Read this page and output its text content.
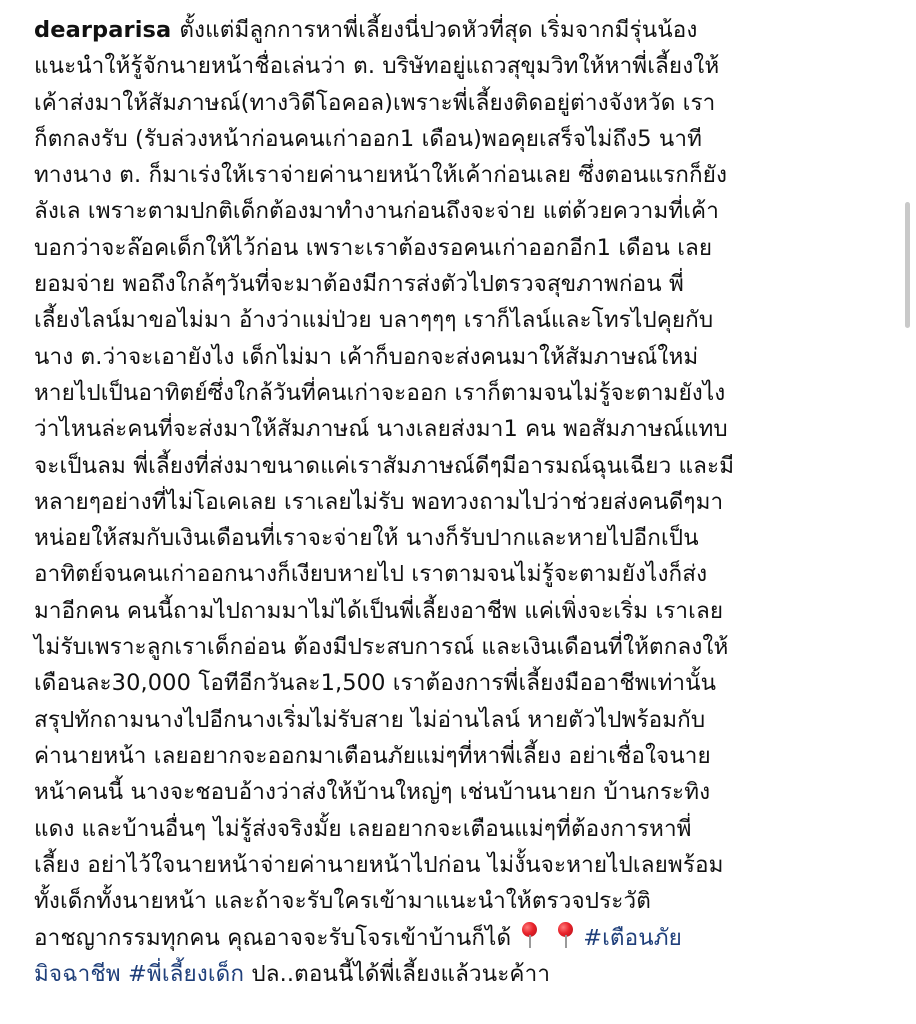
dearparisa ตั้งแต่มีลูกการหาพี่เลี้ยงนี่ปวดหัวที่สุด เริ่มจากมีรุ่นน้อง
แนะนำให้รู้จักนายหน้าชื่อเล่นว่า ต. บริษัทอยู่แถวสุขุมวิทให้หาพี่เลี้ยงให้
เค้าส่งมาให้สัมภาษณ์(ทางวิดีโอคอล)เพราะพี่เลี้ยงติดอยู่ต่างจังหวัด เรา
ก็ตกลงรับ (รับล่วงหน้าก่อนคนเก่าออก1 เดือน)พอคุยเสร็จไม่ถึง5 นาที
ทางนาง ต. ก็มาเร่งให้เราจ่ายค่านายหน้าให้เค้าก่อนเลย ซึ่งตอนแรกก็ยัง
ลังเล เพราะตามปกติเด็กต้องมาทำงานก่อนถึงจะจ่าย แต่ด้วยความที่เค้า
บอกว่าจะล๊อคเด็กให้ไว้ก่อน เพราะเราต้องรอคนเก่าออกอีก1 เดือน เลย
ยอมจ่าย พอถึงใกล้ๆวันที่จะมาต้องมีการส่งตัวไปตรวจสุขภาพก่อน พี่
เลี้ยงไลน์มาขอไม่มา อ้างว่าแม่ป่วย บลาๆๆๆ เราก็ไลน์และโทรไปคุยกับ
นาง ต.ว่าจะเอายังไง เด็กไม่มา เค้าก็บอกจะส่งคนมาให้สัมภาษณ์ใหม่
หายไปเป็นอาทิตย์ซึ่งใกล้วันที่คนเก่าจะออก เราก็ตามจนไม่รู้จะตามยังไง
ว่าไหนล่ะคนที่จะส่งมาให้สัมภาษณ์ นางเลยส่งมา1 คน พอสัมภาษณ์แทบ
จะเป็นลม พี่เลี้ยงที่ส่งมาขนาดแค่เราสัมภาษณ์ดีๆมีอารมณ์ฉุนเฉียว และมี
หลายๆอย่างที่ไม่โอเคเลย เราเลยไม่รับ พอทวงถามไปว่าช่วยส่งคนดีๆมา
หน่อยให้สมกับเงินเดือนที่เราจะจ่ายให้ นางก็รับปากและหายไปอีกเป็น
อาทิตย์จนคนเก่าออกนางก็เงียบหายไป เราตามจนไม่รู้จะตามยังไงก็ส่ง
มาอีกคน คนนี้ถามไปถามมาไม่ได้เป็นพี่เลี้ยงอาชีพ แค่เพิ่งจะเริ่ม เราเลย
ไม่รับเพราะลูกเราเด็กอ่อน ต้องมีประสบการณ์ และเงินเดือนที่ให้ตกลงให้
เดือนละ30,000 โอทีอีกวันละ1,500 เราต้องการพี่เลี้ยงมืออาชีพเท่านั้น
สรุปทักถามนางไปอีกนางเริ่มไม่รับสาย ไม่อ่านไลน์ หายตัวไปพร้อมกับ
ค่านายหน้า เลยอยากจะออกมาเตือนภัยแม่ๆที่หาพี่เลี้ยง อย่าเชื่อใจนาย
หน้าคนนี้ นางจะชอบอ้างว่าส่งให้บ้านใหญ่ๆ เช่นบ้านนายก บ้านกระทิง
แดง และบ้านอื่นๆ ไม่รู้ส่งจริงมั้ย เลยอยากจะเตือนแม่ๆที่ต้องการหาพี่
เลี้ยง อย่าไว้ใจนายหน้าจ่ายค่านายหน้าไปก่อน ไม่งั้นจะหายไปเลยพร้อม
ทั้งเด็กทั้งนายหน้า และถ้าจะรับใครเข้ามาแนะนำให้ตรวจประวัติ
อาชญากรรมทุกคน คุณอาจจะรับโจรเข้าบ้านก็ได้	#เตือนภัย
มิจฉาชีพ #พี่เลี้ยงเด็ก ปล..ตอนนี้ได้พี่เลี้ยงแล้วนะค้าา
